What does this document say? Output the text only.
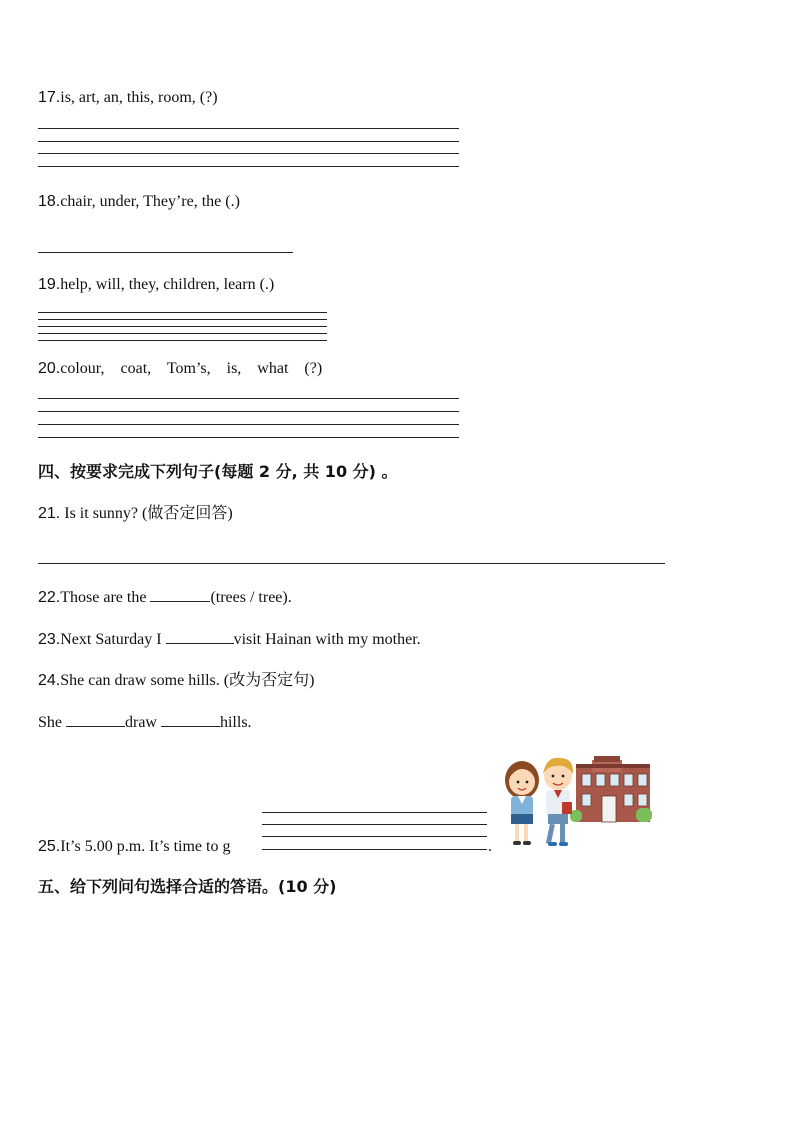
17.is, art, an, this, room, (?)
18.chair, under, They’re, the (.)
19.help, will, they, children, learn (.)
20.colour, coat, Tom’s, is, what (?)
四、按要求完成下列句子(每题 2 分, 共 10 分) 。
21. Is it sunny? (做否定回答)
22.Those are the	(trees / tree).
23.Next Saturday I	visit Hainan with my mother.
24.She can draw some hills. (改为否定句)
She	draw	hills.
25.It’s 5.00 p.m. It’s time to g	.
五、给下列问句选择合适的答语。(10 分)
